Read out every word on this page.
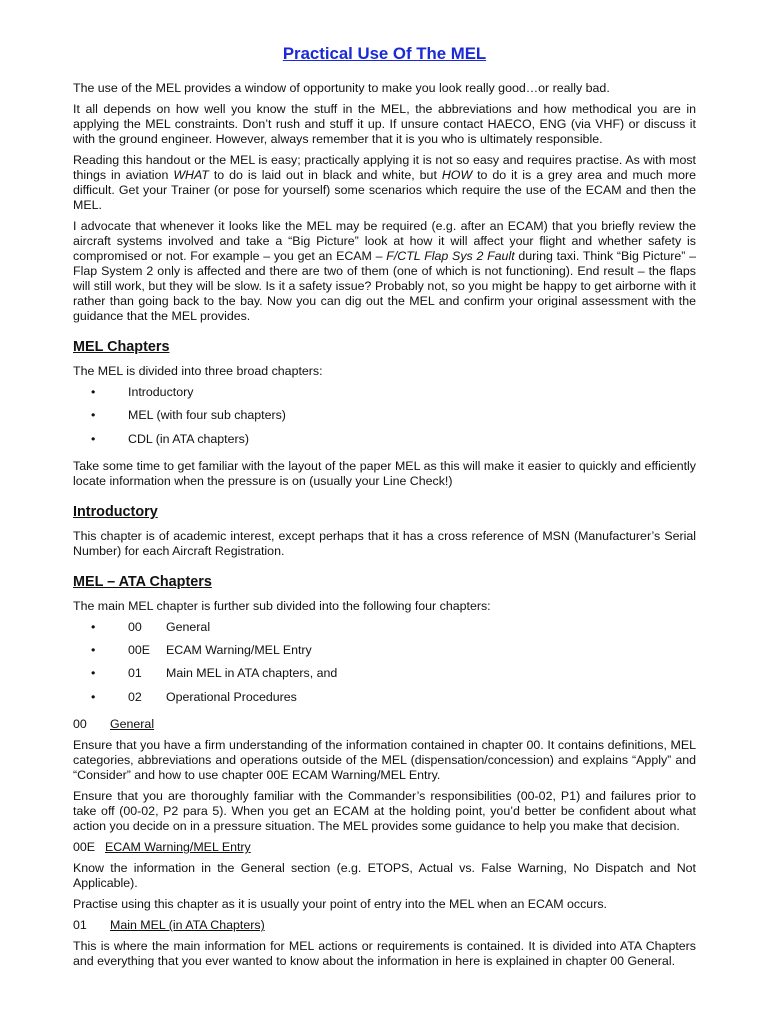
Practical Use Of The MEL

The use of the MEL provides a window of opportunity to make you look really good…or really bad.

It all depends on how well you know the stuff in the MEL, the abbreviations and how methodical you are in applying the MEL constraints. Don’t rush and stuff it up. If unsure contact HAECO, ENG (via VHF) or discuss it with the ground engineer. However, always remember that it is you who is ultimately responsible.

Reading this handout or the MEL is easy; practically applying it is not so easy and requires practise. As with most things in aviation WHAT to do is laid out in black and white, but HOW to do it is a grey area and much more difficult. Get your Trainer (or pose for yourself) some scenarios which require the use of the ECAM and then the MEL.

I advocate that whenever it looks like the MEL may be required (e.g. after an ECAM) that you briefly review the aircraft systems involved and take a “Big Picture” look at how it will affect your flight and whether safety is compromised or not. For example – you get an ECAM – F/CTL Flap Sys 2 Fault during taxi. Think “Big Picture” – Flap System 2 only is affected and there are two of them (one of which is not functioning). End result – the flaps will still work, but they will be slow. Is it a safety issue? Probably not, so you might be happy to get airborne with it rather than going back to the bay. Now you can dig out the MEL and confirm your original assessment with the guidance that the MEL provides.

MEL Chapters

The MEL is divided into three broad chapters:

•	Introductory
•	MEL (with four sub chapters)
•	CDL (in ATA chapters)

Take some time to get familiar with the layout of the paper MEL as this will make it easier to quickly and efficiently locate information when the pressure is on (usually your Line Check!)

Introductory

This chapter is of academic interest, except perhaps that it has a cross reference of MSN (Manufacturer’s Serial Number) for each Aircraft Registration.

MEL – ATA Chapters

The main MEL chapter is further sub divided into the following four chapters:

•	00 General
•	00E ECAM Warning/MEL Entry
•	01 Main MEL in ATA chapters, and
•	02 Operational Procedures
00 General

Ensure that you have a firm understanding of the information contained in chapter 00. It contains definitions, MEL categories, abbreviations and operations outside of the MEL (dispensation/concession) and explains “Apply” and “Consider” and how to use chapter 00E ECAM Warning/MEL Entry.

Ensure that you are thoroughly familiar with the Commander’s responsibilities (00-02, P1) and failures prior to take off (00-02, P2 para 5). When you get an ECAM at the holding point, you’d better be confident about what action you decide on in a pressure situation. The MEL provides some guidance to help you make that decision.

00E ECAM Warning/MEL Entry

Know the information in the General section (e.g. ETOPS, Actual vs. False Warning, No Dispatch and Not Applicable).

Practise using this chapter as it is usually your point of entry into the MEL when an ECAM occurs.

01 Main MEL (in ATA Chapters)

This is where the main information for MEL actions or requirements is contained. It is divided into ATA Chapters and everything that you ever wanted to know about the information in here is explained in chapter 00 General.
